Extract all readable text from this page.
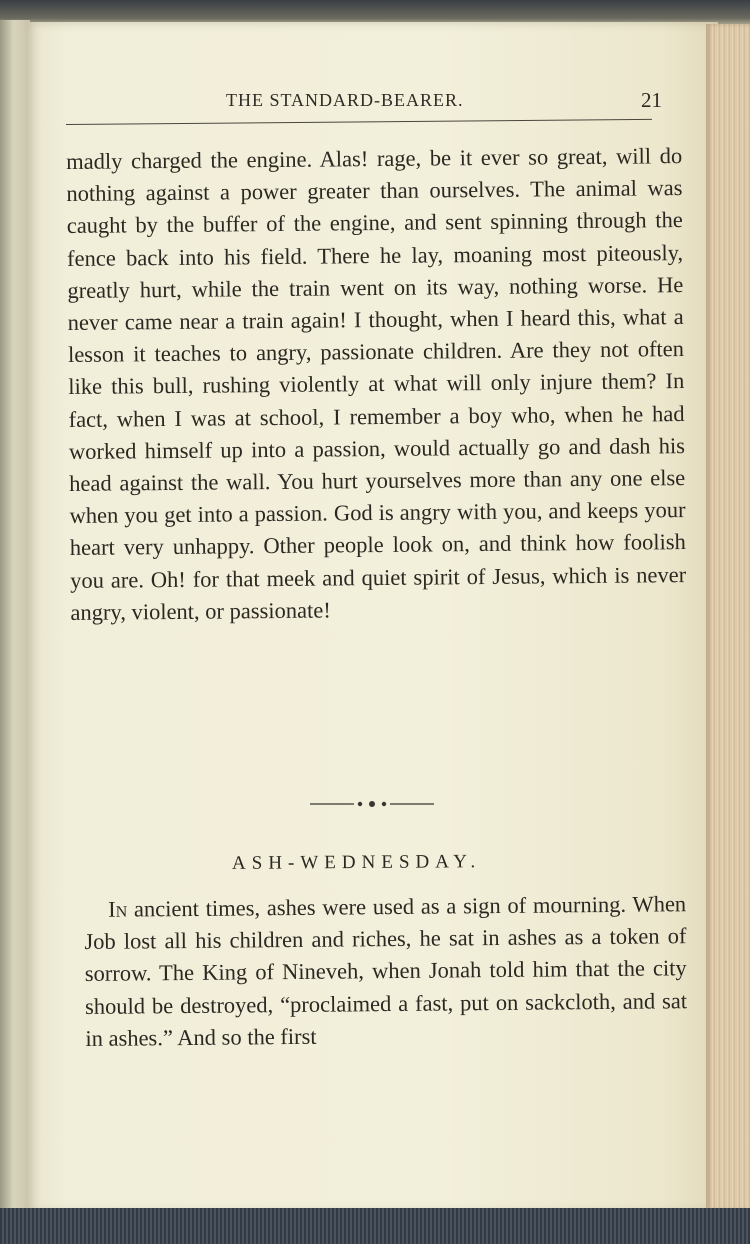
THE STANDARD-BEARER.	21

madly charged the engine. Alas! rage, be it ever so great, will do nothing against a power greater than ourselves. The animal was caught by the buffer of the engine, and sent spinning through the fence back into his field. There he lay, moaning most piteously, greatly hurt, while the train went on its way, nothing worse. He never came near a train again! I thought, when I heard this, what a lesson it teaches to angry, passionate children. Are they not often like this bull, rushing violently at what will only injure them? In fact, when I was at school, I remember a boy who, when he had worked himself up into a passion, would actually go and dash his head against the wall. You hurt yourselves more than any one else when you get into a passion. God is angry with you, and keeps your heart very unhappy. Other people look on, and think how foolish you are. Oh! for that meek and quiet spirit of Jesus, which is never angry, violent, or passionate!

ASH-WEDNESDAY.

In ancient times, ashes were used as a sign of mourning. When Job lost all his children and riches, he sat in ashes as a token of sorrow. The King of Nineveh, when Jonah told him that the city should be destroyed, “proclaimed a fast, put on sackcloth, and sat in ashes.” And so the first
